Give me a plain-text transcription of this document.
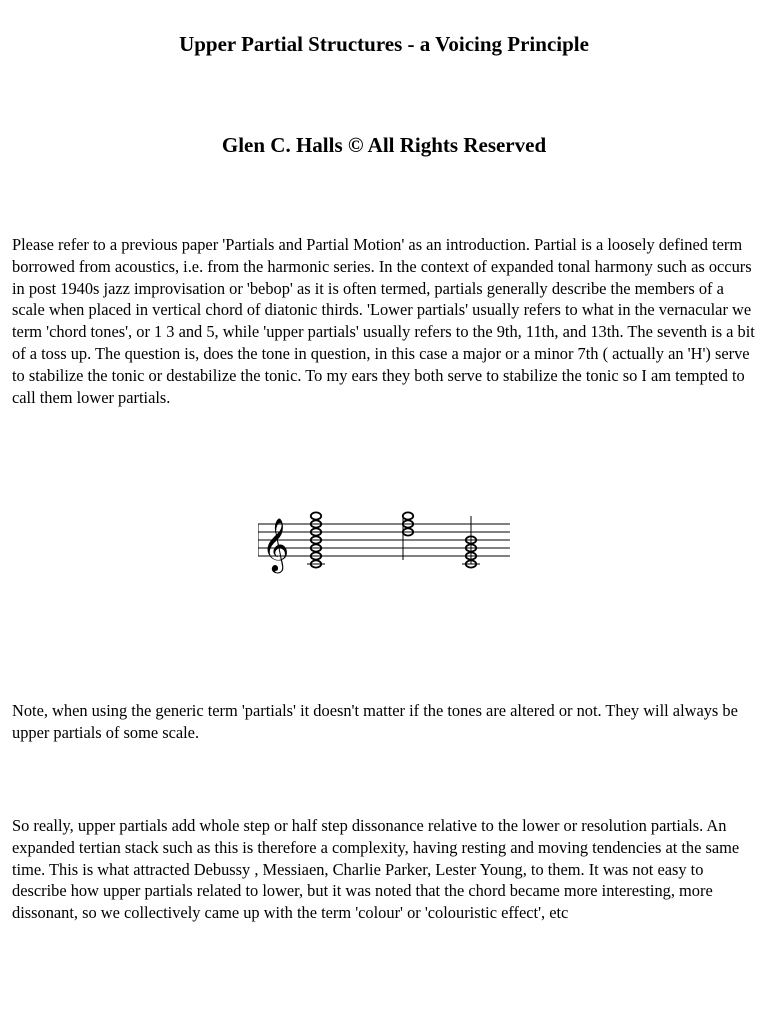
Upper Partial Structures - a Voicing Principle
Glen C. Halls © All Rights Reserved

Please refer to a previous paper 'Partials and Partial Motion' as an introduction. Partial is a loosely defined term borrowed from acoustics, i.e. from the harmonic series. In the context of expanded tonal harmony such as occurs in post 1940s jazz improvisation or 'bebop' as it is often termed, partials generally describe the members of a scale when placed in vertical chord of diatonic thirds. 'Lower partials' usually refers to what in the vernacular we term 'chord tones', or 1 3 and 5, while 'upper partials' usually refers to the 9th, 11th, and 13th. The seventh is a bit of a toss up. The question is, does the tone in question, in this case a major or a minor 7th ( actually an 'H') serve to stabilize the tonic or destabilize the tonic. To my ears they both serve to stabilize the tonic so I am tempted to call them lower partials.

𝄞

Note, when using the generic term 'partials' it doesn't matter if the tones are altered or not. They will always be upper partials of some scale.

So really, upper partials add whole step or half step dissonance relative to the lower or resolution partials. An expanded tertian stack such as this is therefore a complexity, having resting and moving tendencies at the same time. This is what attracted Debussy , Messiaen, Charlie Parker, Lester Young, to them. It was not easy to describe how upper partials related to lower, but it was noted that the chord became more interesting, more dissonant, so we collectively came up with the term 'colour' or 'colouristic effect', etc
